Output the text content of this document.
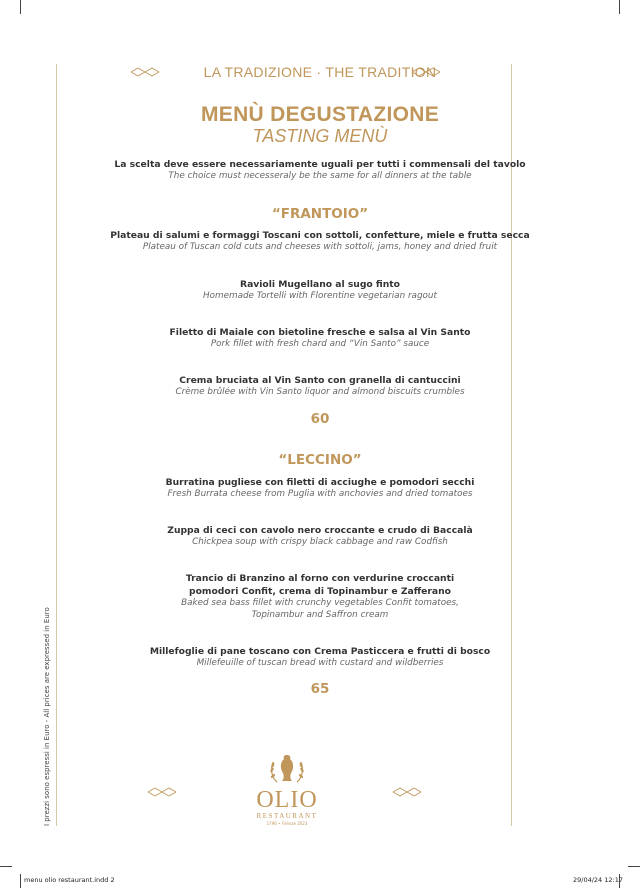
LA TRADIZIONE · THE TRADITION
MENÙ DEGUSTAZIONE
TASTING MENÙ
La scelta deve essere necessariamente uguali per tutti i commensali del tavolo
The choice must necesseraly be the same for all dinners at the table
“FRANTOIO”
Plateau di salumi e formaggi Toscani con sottoli, confetture, miele e frutta secca
Plateau of Tuscan cold cuts and cheeses with sottoli, jams, honey and dried fruit
Ravioli Mugellano al sugo finto
Homemade Tortelli with Florentine vegetarian ragout
Filetto di Maiale con bietoline fresche e salsa al Vin Santo
Pork fillet with fresh chard and “Vin Santo” sauce
Crema bruciata al Vin Santo con granella di cantuccini
Crème brûlée with Vin Santo liquor and almond biscuits crumbles
60
“LECCINO”
Burratina pugliese con filetti di acciughe e pomodori secchi
Fresh Burrata cheese from Puglia with anchovies and dried tomatoes
Zuppa di ceci con cavolo nero croccante e crudo di Baccalà
Chickpea soup with crispy black cabbage and raw Codfish
Trancio di Branzino al forno con verdurine croccanti
pomodori Confit, crema di Topinambur e Zafferano
Baked sea bass fillet with crunchy vegetables Confit tomatoes,
Topinambur and Saffron cream
Millefoglie di pane toscano con Crema Pasticcera e frutti di bosco
Millefeuille of tuscan bread with custard and wildberries
65
OLIO
RESTAURANT
1796 • Firenze 2023
I prezzi sono espressi in Euro - All prices are expressed in Euro
menu olio restaurant.indd 2	29/04/24 12:17
